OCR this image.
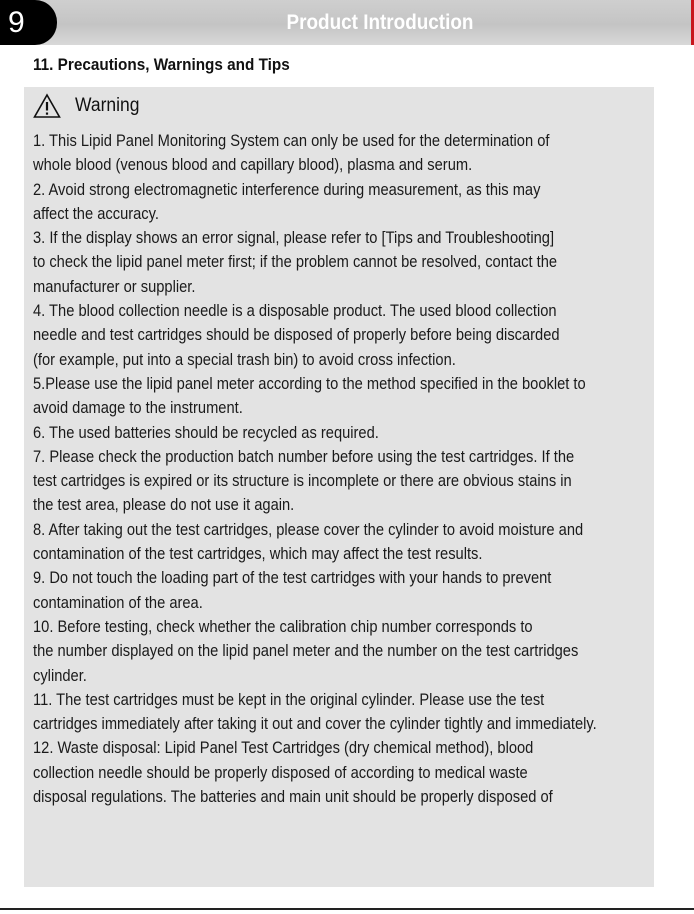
9	Product Introduction
11. Precautions, Warnings and Tips
Warning
1. This Lipid Panel Monitoring System can only be used for the determination of
whole blood (venous blood and capillary blood), plasma and serum.
2. Avoid strong electromagnetic interference during measurement, as this may
affect the accuracy.
3. If the display shows an error signal, please refer to [Tips and Troubleshooting]
to check the lipid panel meter first; if the problem cannot be resolved, contact the
manufacturer or supplier.
4. The blood collection needle is a disposable product. The used blood collection
needle and test cartridges should be disposed of properly before being discarded
(for example, put into a special trash bin) to avoid cross infection.
5.Please use the lipid panel meter according to the method specified in the booklet to
avoid damage to the instrument.
6. The used batteries should be recycled as required.
7. Please check the production batch number before using the test cartridges. If the
test cartridges is expired or its structure is incomplete or there are obvious stains in
the test area, please do not use it again.
8. After taking out the test cartridges, please cover the cylinder to avoid moisture and
contamination of the test cartridges, which may affect the test results.
9. Do not touch the loading part of the test cartridges with your hands to prevent
contamination of the area.
10. Before testing, check whether the calibration chip number corresponds to
the number displayed on the lipid panel meter and the number on the test cartridges
cylinder.
11. The test cartridges must be kept in the original cylinder. Please use the test
cartridges immediately after taking it out and cover the cylinder tightly and immediately.
12. Waste disposal: Lipid Panel Test Cartridges (dry chemical method), blood
collection needle should be properly disposed of according to medical waste
disposal regulations. The batteries and main unit should be properly disposed of
